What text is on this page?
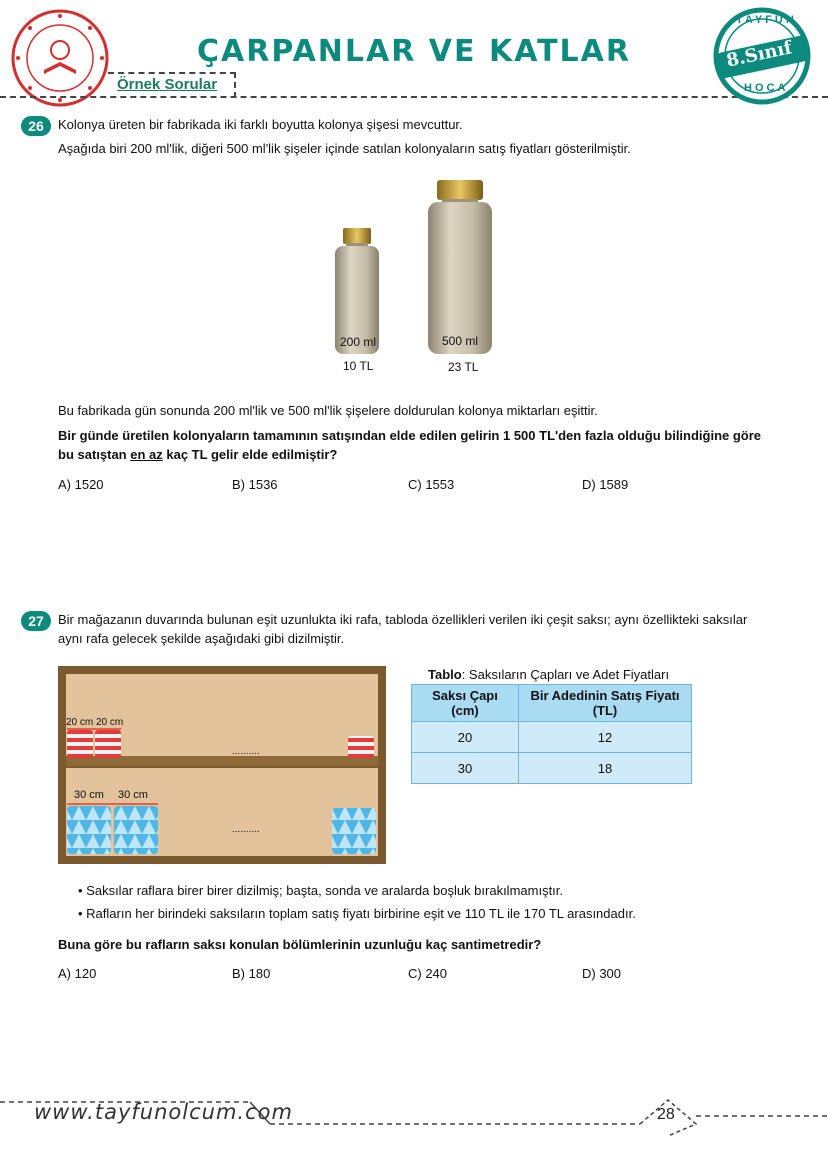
ÇARPANLAR VE KATLAR
Örnek Sorular
TAYFUN
8.Sınıf
HOCA
26	Kolonya üreten bir fabrikada iki farklı boyutta kolonya şişesi mevcuttur.
Aşağıda biri 200 ml'lik, diğeri 500 ml'lik şişeler içinde satılan kolonyaların satış fiyatları gösterilmiştir.
200 ml
10 TL
500 ml
23 TL
Bu fabrikada gün sonunda 200 ml'lik ve 500 ml'lik şişelere doldurulan kolonya miktarları eşittir.
Bir günde üretilen kolonyaların tamamının satışından elde edilen gelirin 1 500 TL'den fazla olduğu bilindiğine göre
bu satıştan en az kaç TL gelir elde edilmiştir?
A) 1520	B) 1536	C) 1553	D) 1589
27	Bir mağazanın duvarında bulunan eşit uzunlukta iki rafa, tabloda özellikleri verilen iki çeşit saksı; aynı özellikteki saksılar
aynı rafa gelecek şekilde aşağıdaki gibi dizilmiştir.
20 cm 20 cm
30 cm 30 cm
..........
..........
Tablo: Saksıların Çapları ve Adet Fiyatları
Saksı Çapı (cm)	Bir Adedinin Satış Fiyatı (TL)
20	12
30	18
• Saksılar raflara birer birer dizilmiş; başta, sonda ve aralarda boşluk bırakılmamıştır.
• Rafların her birindeki saksıların toplam satış fiyatı birbirine eşit ve 110 TL ile 170 TL arasındadır.
Buna göre bu rafların saksı konulan bölümlerinin uzunluğu kaç santimetredir?
A) 120	B) 180	C) 240	D) 300
www.tayfunolcum.com	28
